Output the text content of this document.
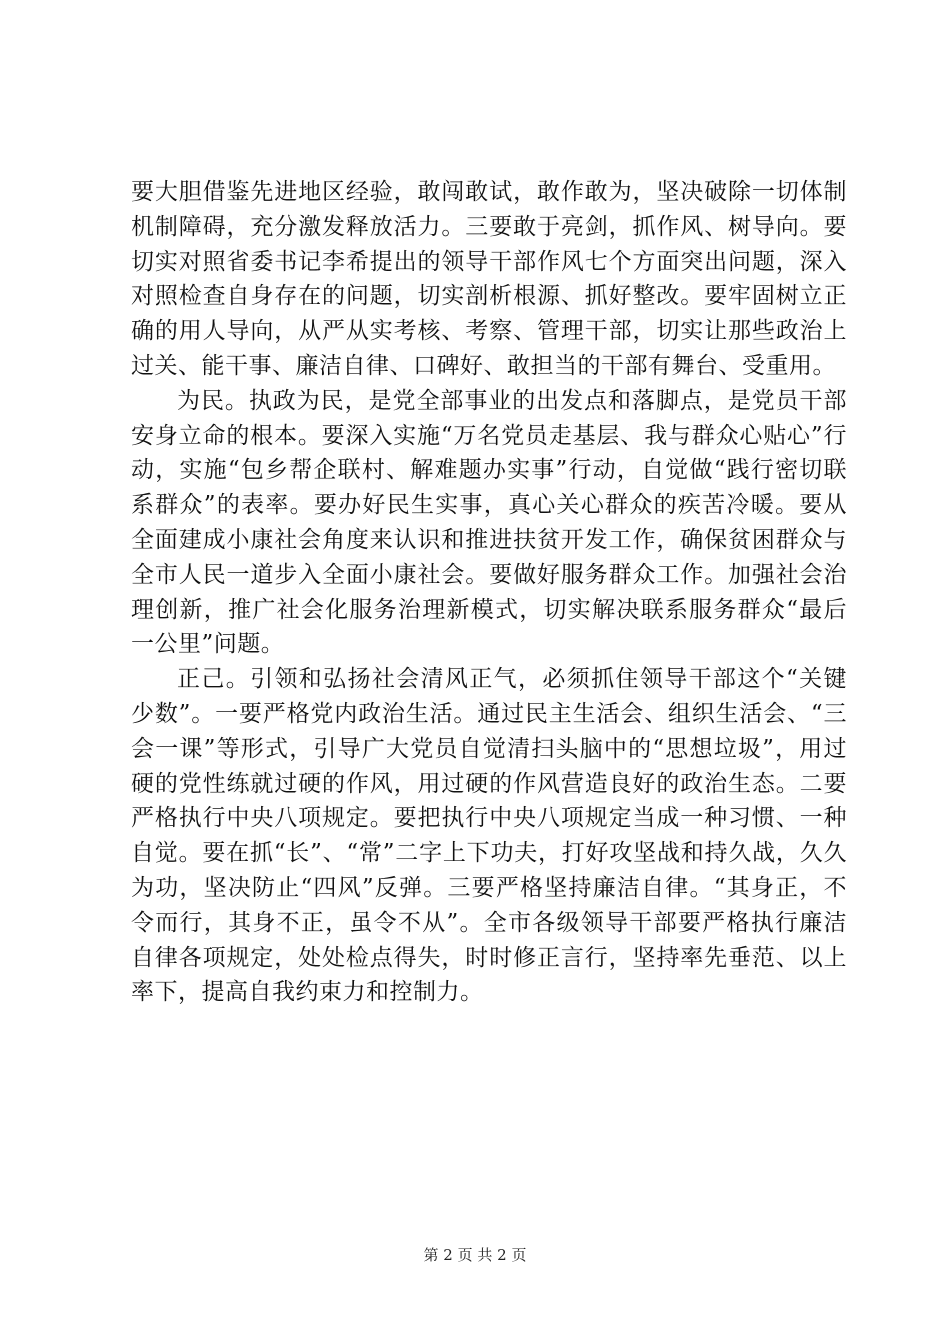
要大胆借鉴先进地区经验，敢闯敢试，敢作敢为，坚决破除一切体制机制障碍，充分激发释放活力。三要敢于亮剑，抓作风、树导向。要切实对照省委书记李希提出的领导干部作风七个方面突出问题，深入对照检查自身存在的问题，切实剖析根源、抓好整改。要牢固树立正确的用人导向，从严从实考核、考察、管理干部，切实让那些政治上过关、能干事、廉洁自律、口碑好、敢担当的干部有舞台、受重用。

为民。执政为民，是党全部事业的出发点和落脚点，是党员干部安身立命的根本。要深入实施“万名党员走基层、我与群众心贴心”行动，实施“包乡帮企联村、解难题办实事”行动，自觉做“践行密切联系群众”的表率。要办好民生实事，真心关心群众的疾苦冷暖。要从全面建成小康社会角度来认识和推进扶贫开发工作，确保贫困群众与全市人民一道步入全面小康社会。要做好服务群众工作。加强社会治理创新，推广社会化服务治理新模式，切实解决联系服务群众“最后一公里”问题。

正己。引领和弘扬社会清风正气，必须抓住领导干部这个“关键少数”。一要严格党内政治生活。通过民主生活会、组织生活会、“三会一课”等形式，引导广大党员自觉清扫头脑中的“思想垃圾”，用过硬的党性练就过硬的作风，用过硬的作风营造良好的政治生态。二要严格执行中央八项规定。要把执行中央八项规定当成一种习惯、一种自觉。要在抓“长”、“常”二字上下功夫，打好攻坚战和持久战，久久为功，坚决防止“四风”反弹。三要严格坚持廉洁自律。“其身正，不令而行，其身不正，虽令不从”。全市各级领导干部要严格执行廉洁自律各项规定，处处检点得失，时时修正言行，坚持率先垂范、以上率下，提高自我约束力和控制力。

第 2 页 共 2 页
